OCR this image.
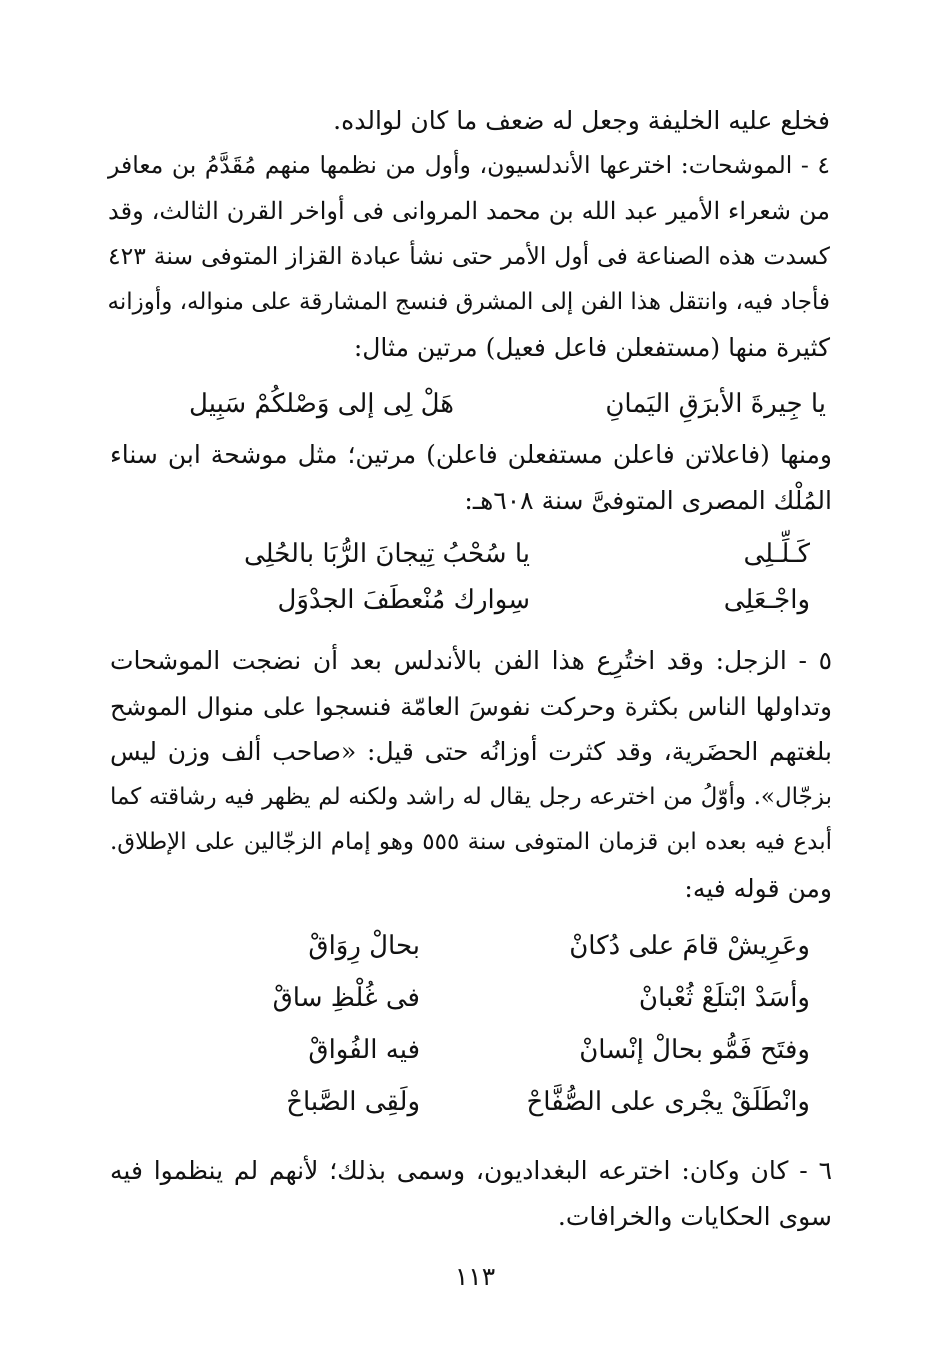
فخلع عليه الخليفة وجعل له ضعف ما كان لوالده.
٤ - الموشحات: اخترعها الأندلسيون، وأول من نظمها منهم مُقَدَّمُ بن معافر
من شعراء الأمير عبد الله بن محمد المروانى فى أواخر القرن الثالث، وقد
كسدت هذه الصناعة فى أول الأمر حتى نشأ عبادة القزاز المتوفى سنة ٤٢٣
فأجاد فيه، وانتقل هذا الفن إلى المشرق فنسج المشارقة على منواله، وأوزانه
كثيرة منها (مستفعلن فاعل فعيل) مرتين مثال:
يا جِيرةَ الأبرَقِ اليَمانِ
هَلْ لِى إلى وَصْلكُمْ سَبِيل
ومنها (فاعلاتن فاعلن مستفعلن فاعلن) مرتين؛ مثل موشحة ابن سناء
المُلْك المصرى المتوفىَّ سنة ٦٠٨هـ:
كَـلِّـلِى
يا سُحْبُ تِيجانَ الرُّبَا بالحُلِى
واجْـعَلِى
سِوارك مُنْعطَفَ الجدْوَل
٥ - الزجل: وقد اختُرِع هذا الفن بالأندلس بعد أن نضجت الموشحات
وتداولها الناس بكثرة وحركت نفوسَ العامّة فنسجوا على منوال الموشح
بلغتهم الحضَرية، وقد كثرت أوزانُه حتى قيل: «صاحب ألف وزن ليس
بزجّال». وأوّلُ من اخترعه رجل يقال له راشد ولكنه لم يظهر فيه رشاقته كما
أبدع فيه بعده ابن قزمان المتوفى سنة ٥٥٥ وهو إمام الزجّالين على الإطلاق.
ومن قوله فيه:
وعَرِيشْ قامَ على دُكانْ
بحالْ رِوَاقْ
وأسَدْ ابْتلَعْ ثُعْبانْ
فى غُلْظِ ساقْ
وفتَح فَمُّو بحالْ إنْسانْ
فيه الفُواقْ
وانْطَلَقْ يجْرى على الصُّفَّاحْ
ولَقِى الصَّباحْ
٦ - كان وكان: اخترعه البغداديون، وسمى بذلك؛ لأنهم لم ينظموا فيه
سوى الحكايات والخرافات.
١١٣
